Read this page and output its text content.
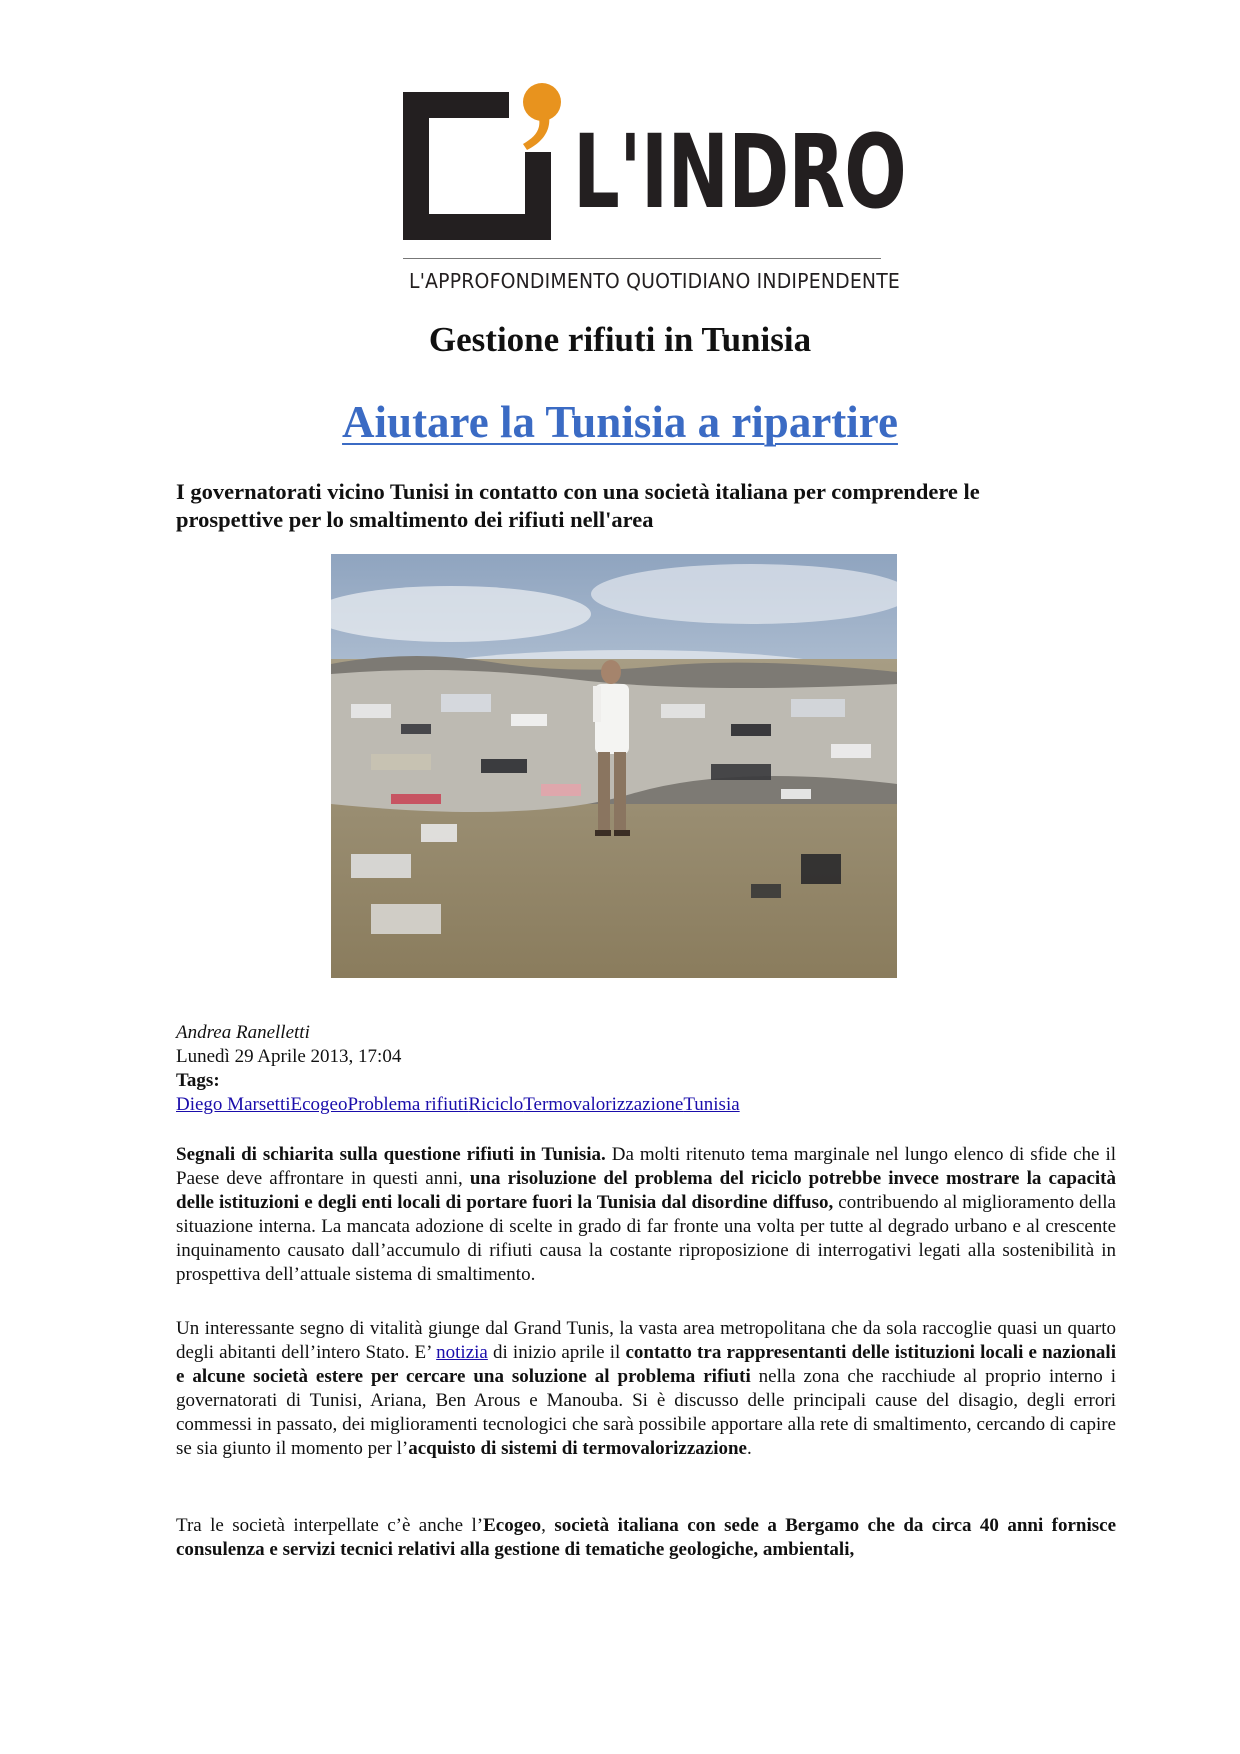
L'INDRO
L'APPROFONDIMENTO QUOTIDIANO INDIPENDENTE
Gestione rifiuti in Tunisia
Aiutare la Tunisia a ripartire
I governatorati vicino Tunisi in contatto con una società italiana per comprendere le prospettive per lo smaltimento dei rifiuti nell'area
Andrea Ranelletti
Lunedì 29 Aprile 2013, 17:04
Tags:
Diego MarsettiEcogeoProblema rifiutiRicicloTermovalorizzazioneTunisia

Segnali di schiarita sulla questione rifiuti in Tunisia. Da molti ritenuto tema marginale nel lungo elenco di sfide che il Paese deve affrontare in questi anni, una risoluzione del problema del riciclo potrebbe invece mostrare la capacità delle istituzioni e degli enti locali di portare fuori la Tunisia dal disordine diffuso, contribuendo al miglioramento della situazione interna. La mancata adozione di scelte in grado di far fronte una volta per tutte al degrado urbano e al crescente inquinamento causato dall’accumulo di rifiuti causa la costante riproposizione di interrogativi legati alla sostenibilità in prospettiva dell’attuale sistema di smaltimento.

Un interessante segno di vitalità giunge dal Grand Tunis, la vasta area metropolitana che da sola raccoglie quasi un quarto degli abitanti dell’intero Stato. E’ notizia di inizio aprile il contatto tra rappresentanti delle istituzioni locali e nazionali e alcune società estere per cercare una soluzione al problema rifiuti nella zona che racchiude al proprio interno i governatorati di Tunisi, Ariana, Ben Arous e Manouba. Si è discusso delle principali cause del disagio, degli errori commessi in passato, dei miglioramenti tecnologici che sarà possibile apportare alla rete di smaltimento, cercando di capire se sia giunto il momento per l’acquisto di sistemi di termovalorizzazione.

Tra le società interpellate c’è anche l’Ecogeo, società italiana con sede a Bergamo che da circa 40 anni fornisce consulenza e servizi tecnici relativi alla gestione di tematiche geologiche, ambientali,
